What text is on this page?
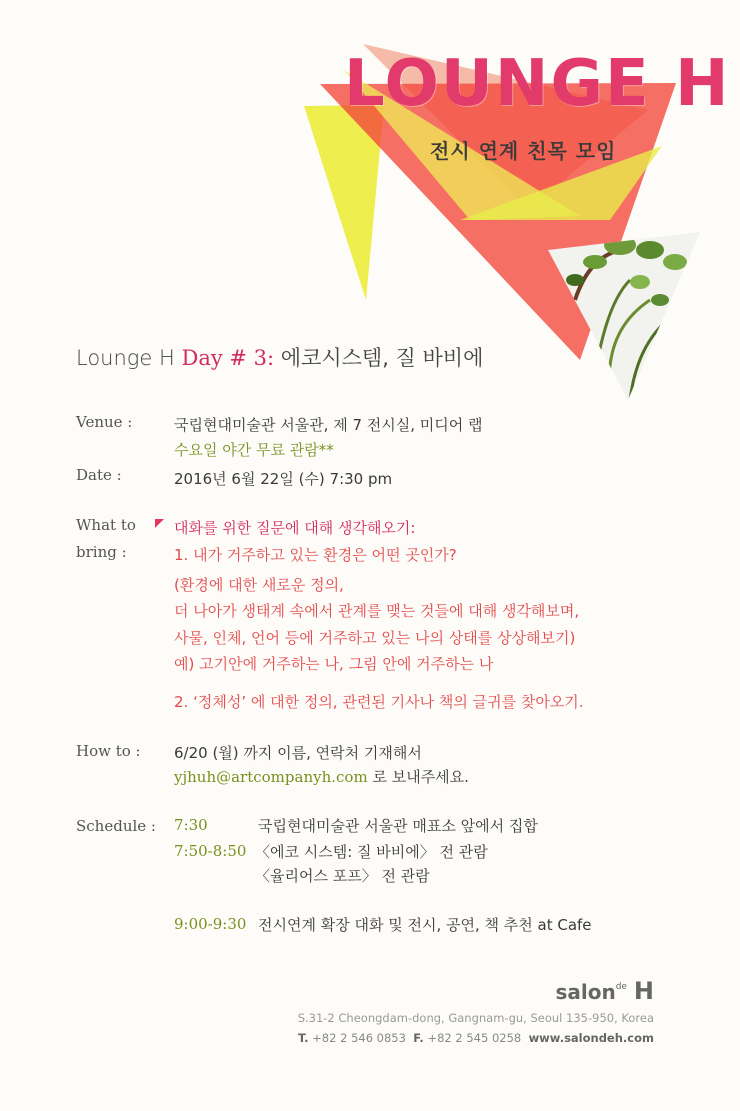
LOUNGE H
전시 연계 친목 모임
Lounge H Day # 3: 에코시스템, 질 바비에
Venue :	국립현대미술관 서울관, 제 7 전시실, 미디어 랩
수요일 야간 무료 관람**
Date :	2016년 6월 22일 (수) 7:30 pm
What to
bring :
대화를 위한 질문에 대해 생각해오기:
1. 내가 거주하고 있는 환경은 어떤 곳인가?
(환경에 대한 새로운 정의,
더 나아가 생태계 속에서 관계를 맺는 것들에 대해 생각해보며,
사물, 인체, 언어 등에 거주하고 있는 나의 상태를 상상해보기)
예) 고기안에 거주하는 나, 그림 안에 거주하는 나
2. ‘정체성’ 에 대한 정의, 관련된 기사나 책의 글귀를 찾아오기.
How to : 6/20 (월) 까지 이름, 연락처 기재해서
yjhuh@artcompanyh.com 로 보내주세요.
Schedule : 7:30	국립현대미술관 서울관 매표소 앞에서 집합
7:50-8:50 〈에코 시스템: 질 바비에〉 전 관람
〈율리어스 포프〉 전 관람
9:00-9:30 전시연계 확장 대화 및 전시, 공연, 책 추천 at Cafe
salon$^{de}$ H
S.31-2 Cheongdam-dong, Gangnam-gu, Seoul 135-950, Korea
T. +82 2 546 0853 F. +82 2 545 0258 www.salondeh.com
